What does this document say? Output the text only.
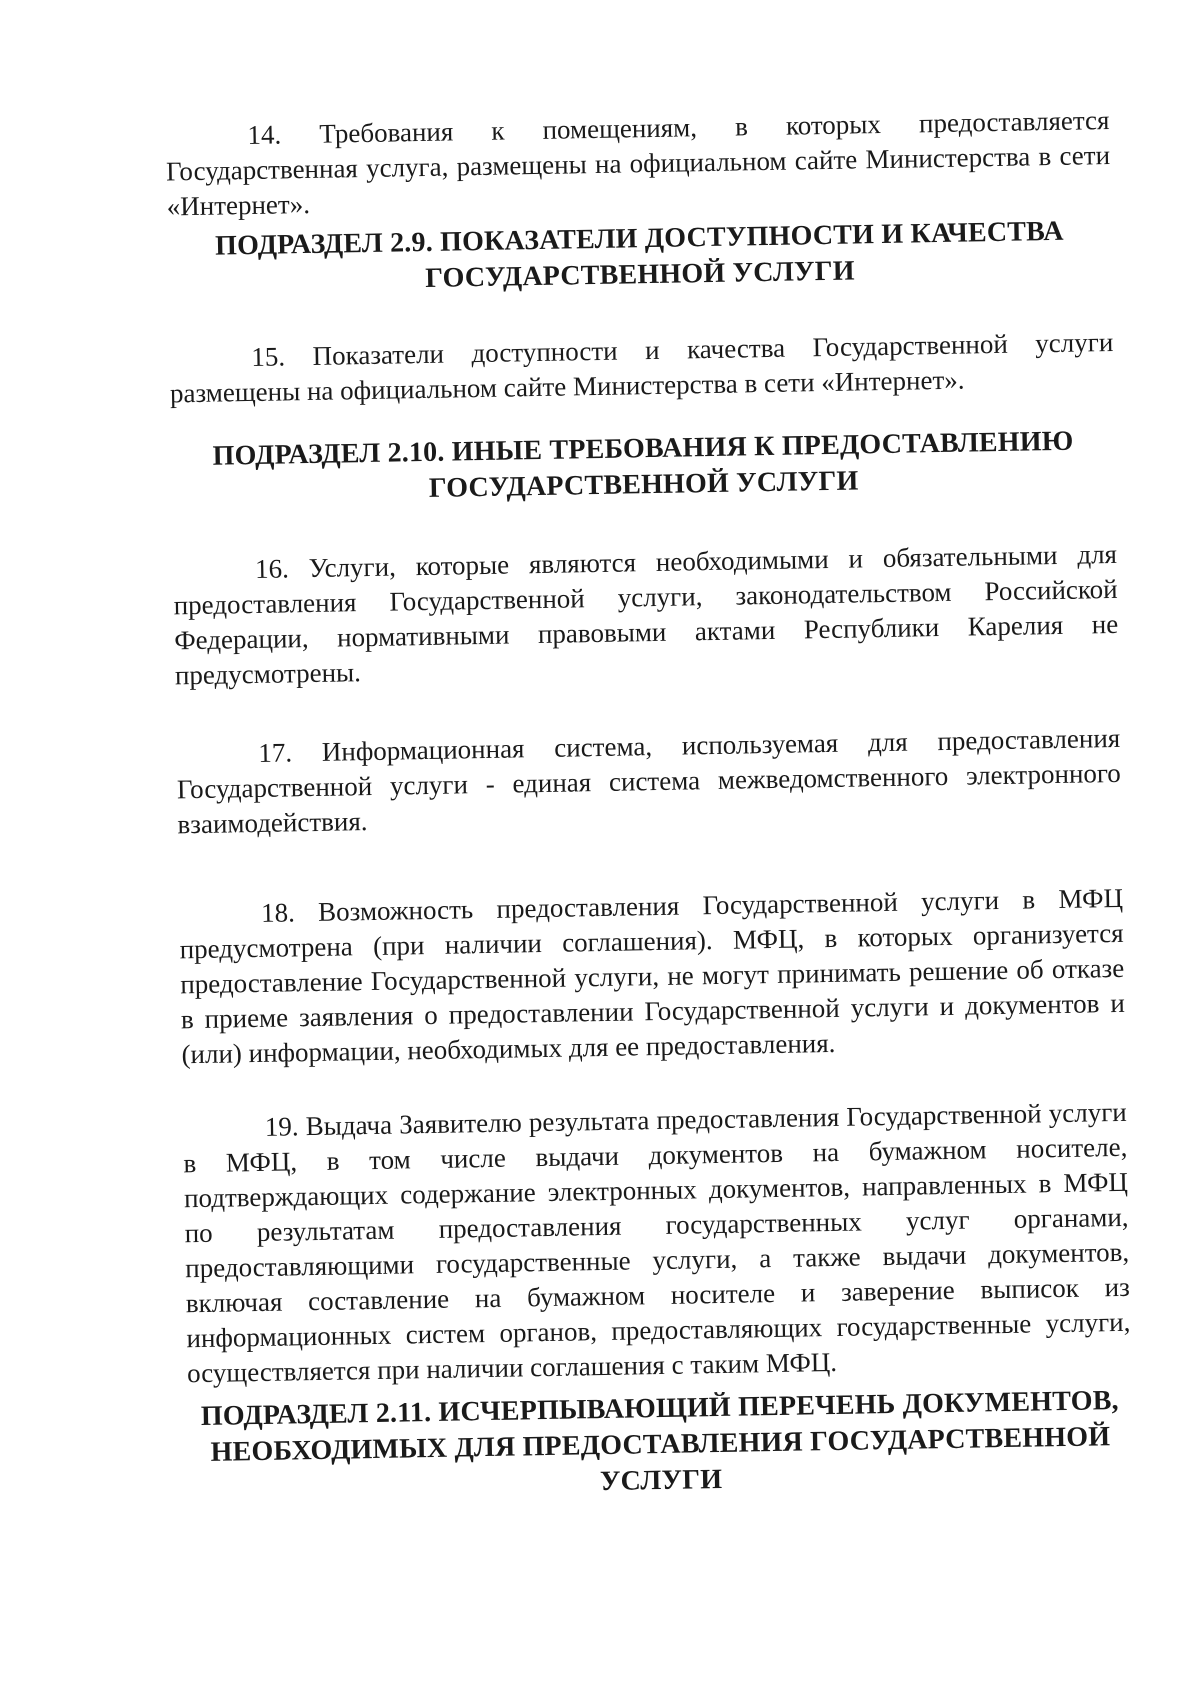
14. Требования к помещениям, в которых предоставляется Государственная услуга, размещены на официальном сайте Министерства в сети «Интернет».

ПОДРАЗДЕЛ 2.9. ПОКАЗАТЕЛИ ДОСТУПНОСТИ И КАЧЕСТВА
ГОСУДАРСТВЕННОЙ УСЛУГИ

15. Показатели доступности и качества Государственной услуги размещены на официальном сайте Министерства в сети «Интернет».

ПОДРАЗДЕЛ 2.10. ИНЫЕ ТРЕБОВАНИЯ К ПРЕДОСТАВЛЕНИЮ
ГОСУДАРСТВЕННОЙ УСЛУГИ

16. Услуги, которые являются необходимыми и обязательными для предоставления Государственной услуги, законодательством Российской Федерации, нормативными правовыми актами Республики Карелия не предусмотрены.

17. Информационная система, используемая для предоставления Государственной услуги - единая система межведомственного электронного взаимодействия.

18. Возможность предоставления Государственной услуги в МФЦ предусмотрена (при наличии соглашения). МФЦ, в которых организуется предоставление Государственной услуги, не могут принимать решение об отказе в приеме заявления о предоставлении Государственной услуги и документов и (или) информации, необходимых для ее предоставления.

19. Выдача Заявителю результата предоставления Государственной услуги в МФЦ, в том числе выдачи документов на бумажном носителе, подтверждающих содержание электронных документов, направленных в МФЦ по результатам предоставления государственных услуг органами, предоставляющими государственные услуги, а также выдачи документов, включая составление на бумажном носителе и заверение выписок из информационных систем органов, предоставляющих государственные услуги, осуществляется при наличии соглашения с таким МФЦ.

ПОДРАЗДЕЛ 2.11. ИСЧЕРПЫВАЮЩИЙ ПЕРЕЧЕНЬ ДОКУМЕНТОВ,
НЕОБХОДИМЫХ ДЛЯ ПРЕДОСТАВЛЕНИЯ ГОСУДАРСТВЕННОЙ
УСЛУГИ
